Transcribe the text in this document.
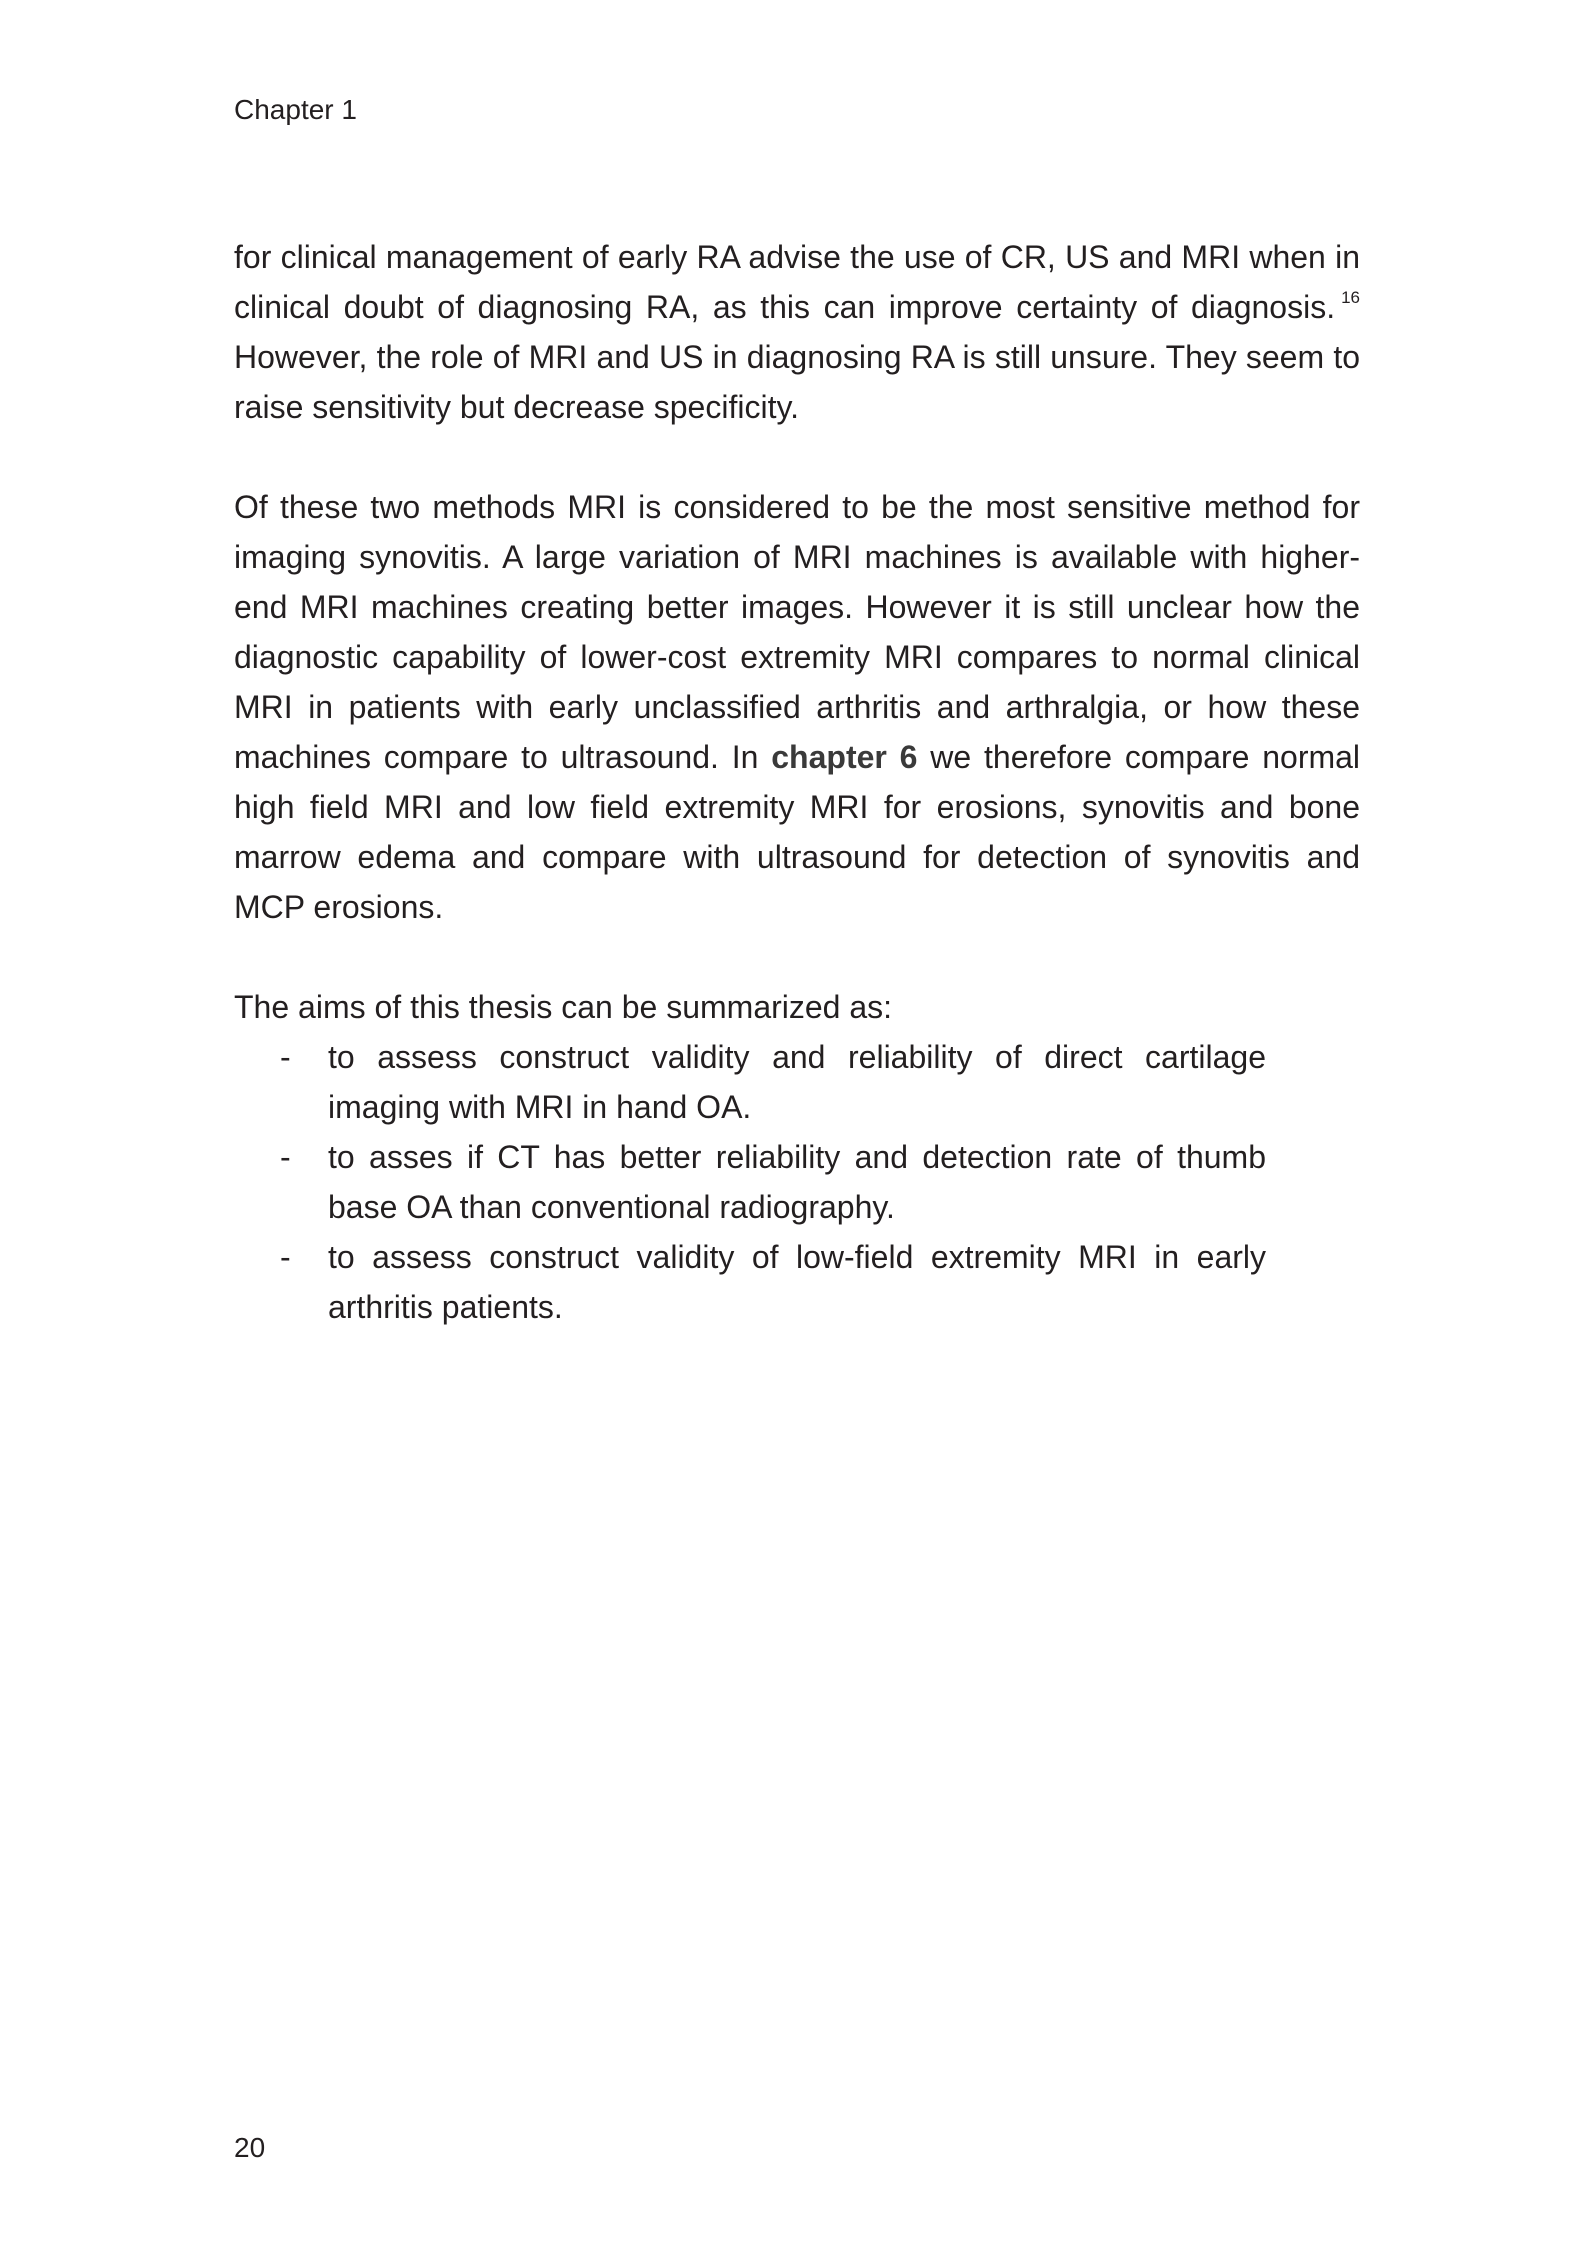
Chapter 1

for clinical management of early RA advise the use of CR, US and MRI when in clinical doubt of diagnosing RA, as this can improve certainty of diagnosis. $^{16}$ However, the role of MRI and US in diagnosing RA is still unsure. They seem to raise sensitivity but decrease specificity.

Of these two methods MRI is considered to be the most sensitive method for imaging synovitis. A large variation of MRI machines is available with higher-end MRI machines creating better images. However it is still unclear how the diagnostic capability of lower-cost extremity MRI compares to normal clinical MRI in patients with early unclassified arthritis and arthralgia, or how these machines compare to ultrasound. In chapter 6 we therefore compare normal high field MRI and low field extremity MRI for erosions, synovitis and bone marrow edema and compare with ultrasound for detection of synovitis and MCP erosions.

The aims of this thesis can be summarized as:

- to assess construct validity and reliability of direct cartilage imaging with MRI in hand OA.
- to asses if CT has better reliability and detection rate of thumb base OA than conventional radiography.
- to assess construct validity of low-field extremity MRI in early arthritis patients.
20
